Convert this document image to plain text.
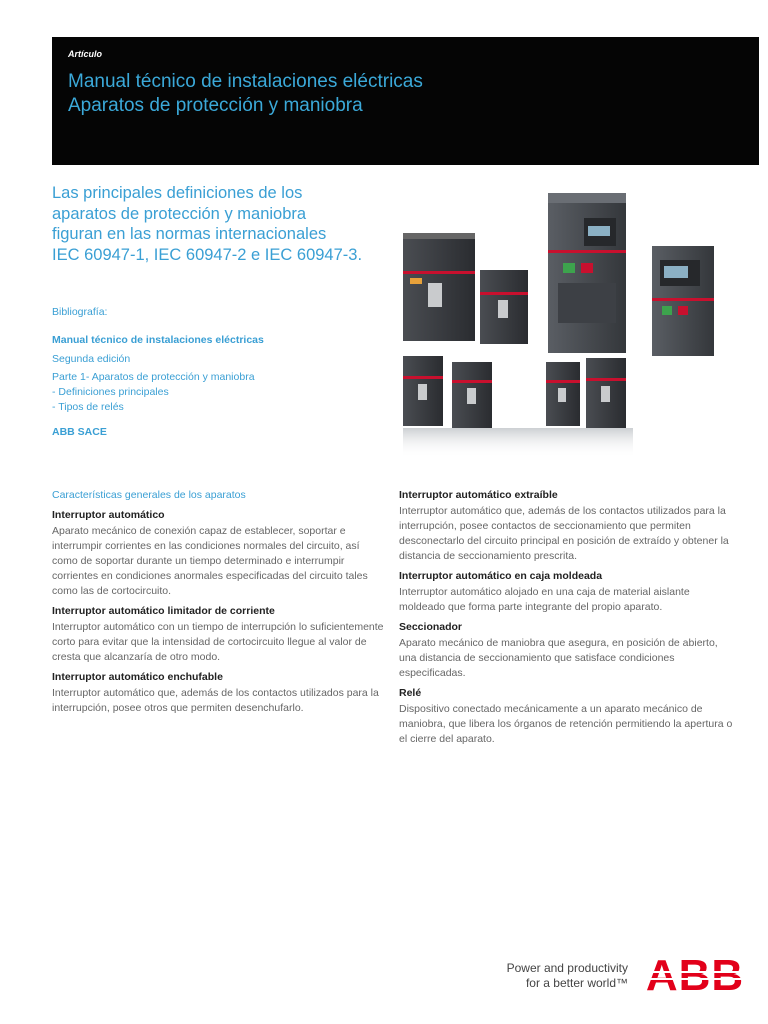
Artículo
Manual técnico de instalaciones eléctricas
Aparatos de protección y maniobra
Las principales definiciones de los
aparatos de protección y maniobra
figuran en las normas internacionales
IEC 60947-1, IEC 60947-2 e IEC 60947-3.
Bibliografía:
Manual técnico de instalaciones eléctricas
Segunda edición
Parte 1- Aparatos de protección y maniobra
- Definiciones principales
- Tipos de relés
ABB SACE
Características generales de los aparatos
Interruptor automático

Aparato mecánico de conexión capaz de establecer, soportar e interrumpir corrientes en las condiciones normales del circuito, así como de soportar durante un tiempo determinado e interrumpir corrientes en condiciones anormales especificadas del circuito tales como las de cortocircuito.

Interruptor automático limitador de corriente

Interruptor automático con un tiempo de interrupción lo suficientemente corto para evitar que la intensidad de cortocircuito llegue al valor de cresta que alcanzaría de otro modo.

Interruptor automático enchufable

Interruptor automático que, además de los contactos utilizados para la interrupción, posee otros que permiten desenchufarlo.

Interruptor automático extraíble

Interruptor automático que, además de los contactos utilizados para la interrupción, posee contactos de seccionamiento que permiten desconectarlo del circuito principal en posición de extraído y obtener la distancia de seccionamiento prescrita.

Interruptor automático en caja moldeada

Interruptor automático alojado en una caja de material aislante moldeado que forma parte integrante del propio aparato.

Seccionador

Aparato mecánico de maniobra que asegura, en posición de abierto, una distancia de seccionamiento que satisface condiciones especificadas.

Relé

Dispositivo conectado mecánicamente a un aparato mecánico de maniobra, que libera los órganos de retención permitiendo la apertura o el cierre del aparato.

Power and productivity
for a better world™ ABB
